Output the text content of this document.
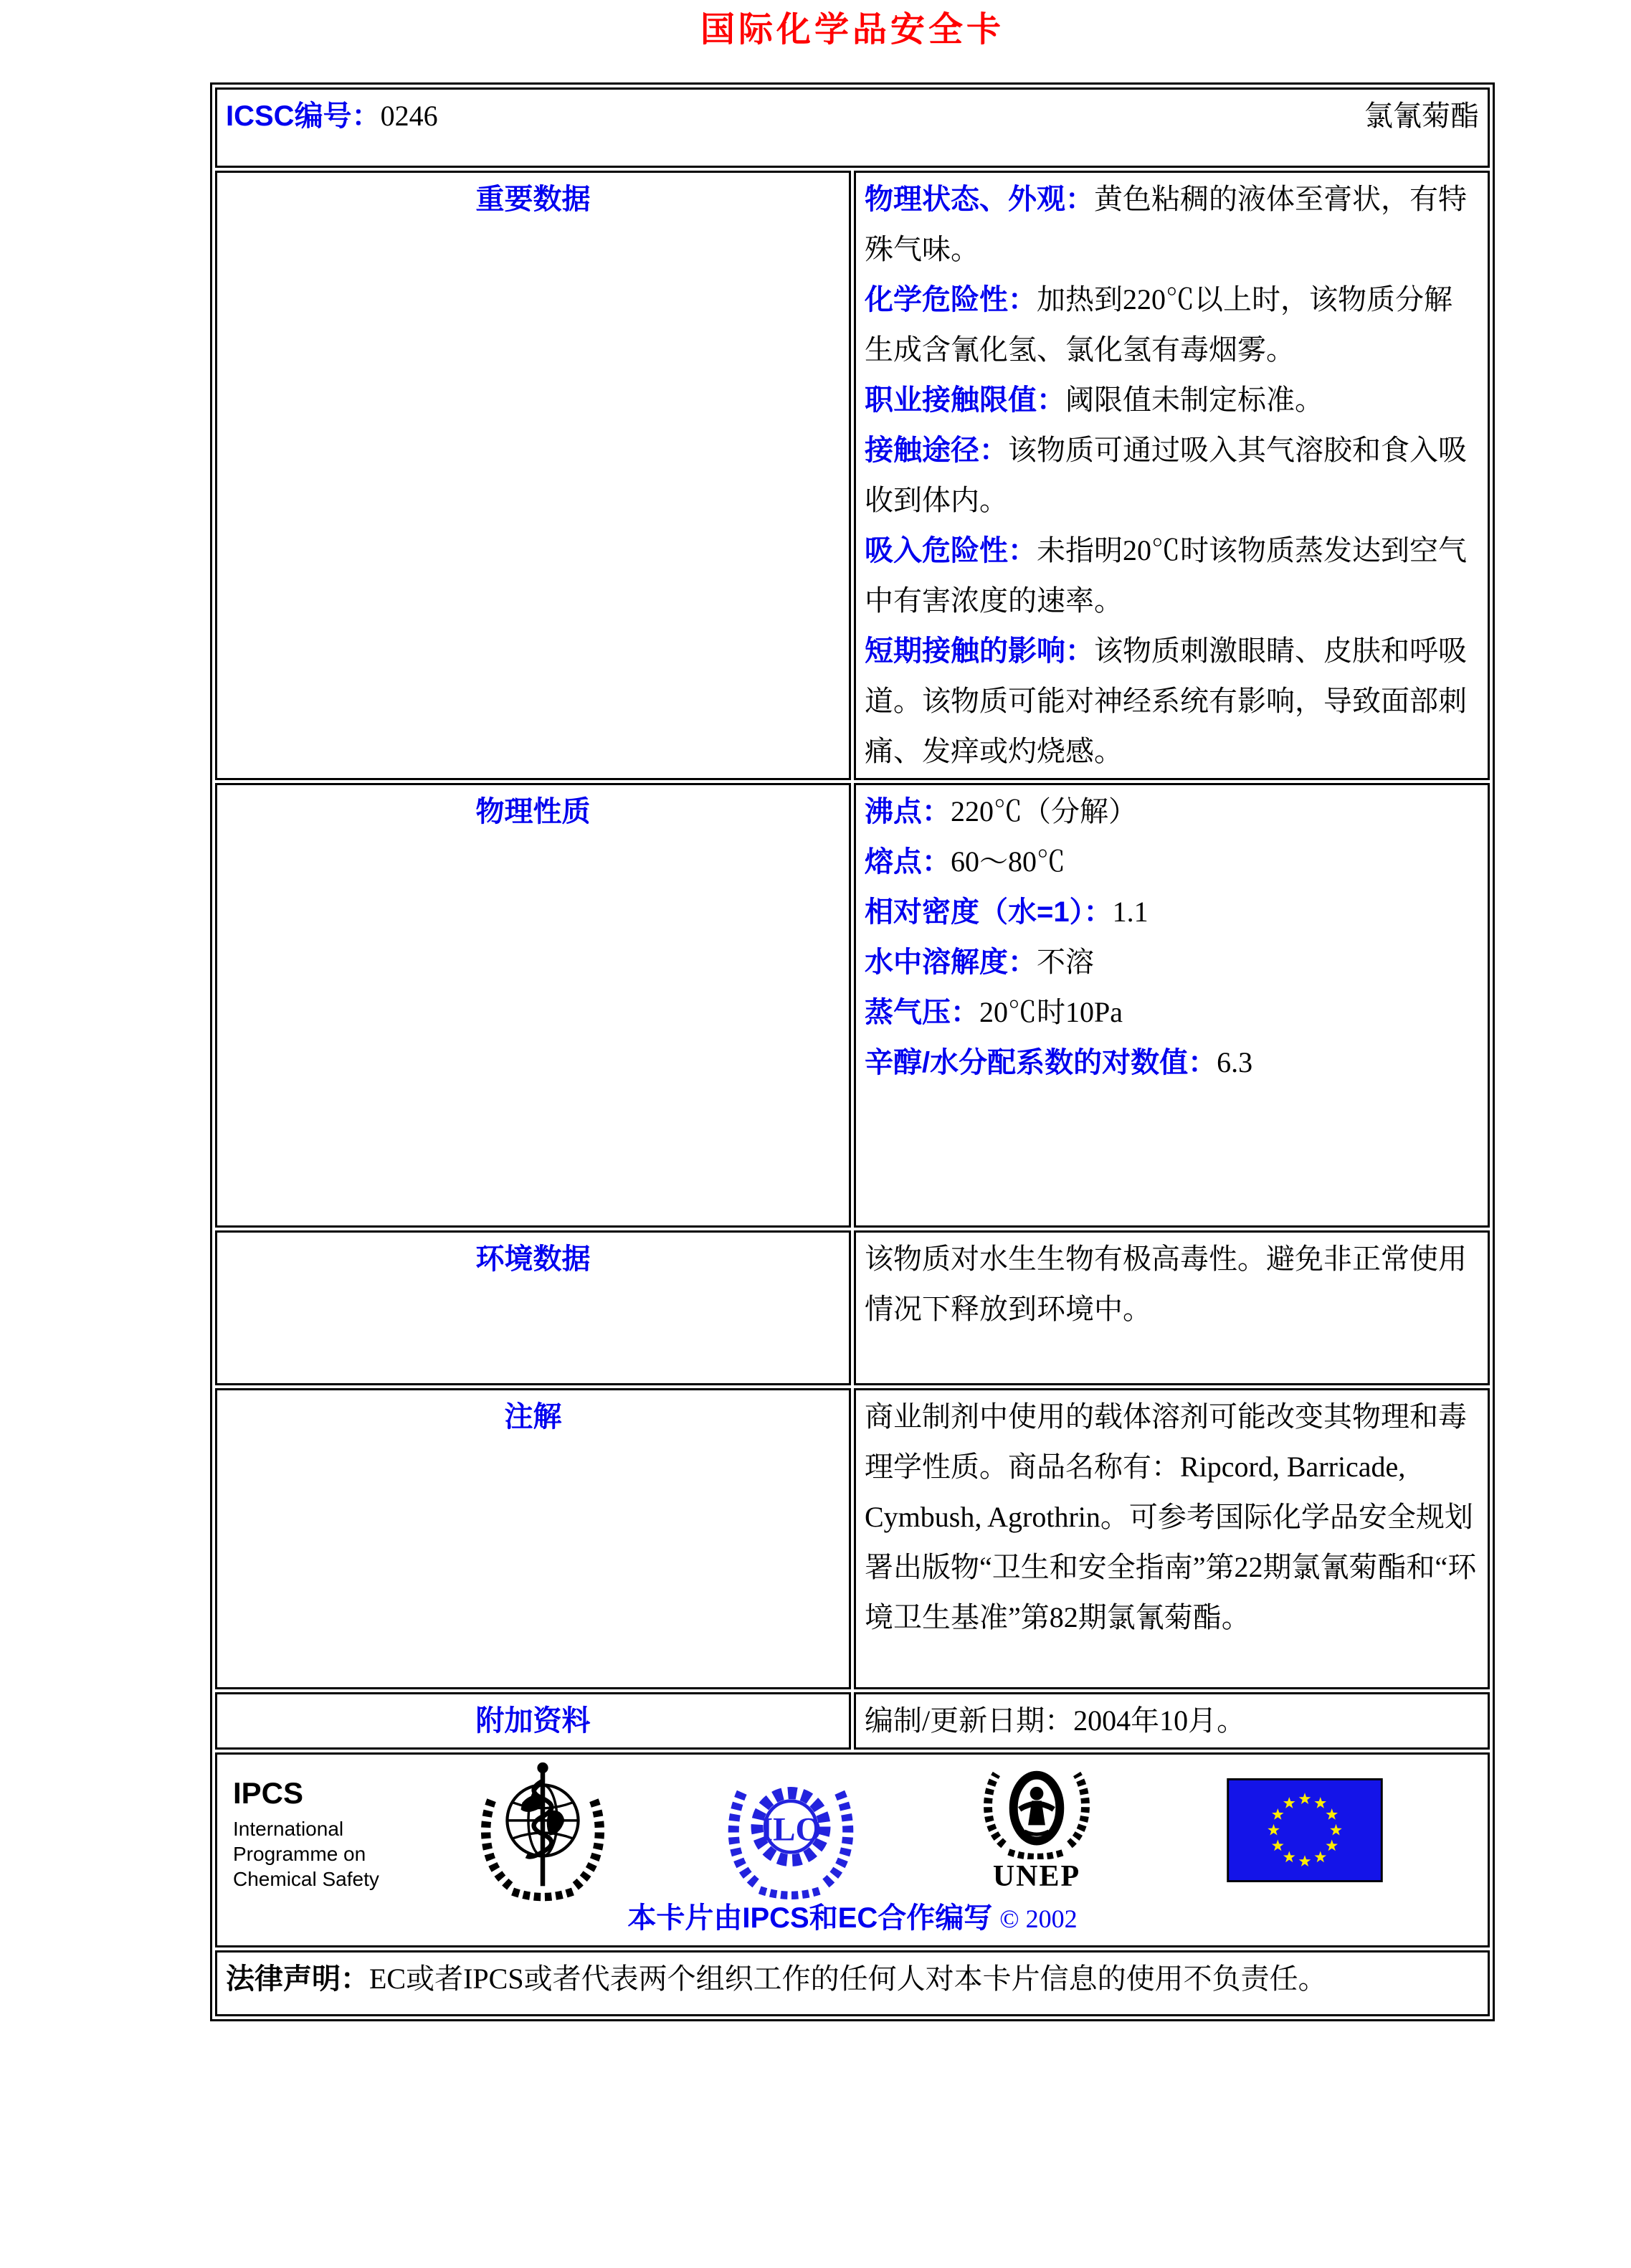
国际化学品安全卡
ICSC编号：0246 氯氰菊酯	

重要数据	物理状态、外观：黄色粘稠的液体至膏状，有特殊气味。
化学危险性：加热到220℃以上时，该物质分解生成含氰化氢、氯化氢有毒烟雾。
职业接触限值：阈限值未制定标准。
接触途径：该物质可通过吸入其气溶胶和食入吸收到体内。
吸入危险性：未指明20℃时该物质蒸发达到空气中有害浓度的速率。
短期接触的影响：该物质刺激眼睛、皮肤和呼吸道。该物质可能对神经系统有影响，导致面部刺痛、发痒或灼烧感。

物理性质	沸点：220℃（分解）
熔点：60～80℃
相对密度（水=1）：1.1
水中溶解度：不溶
蒸气压：20℃时10Pa
辛醇/水分配系数的对数值：6.3

环境数据	该物质对水生生物有极高毒性。避免非正常使用情况下释放到环境中。

注解	商业制剂中使用的载体溶剂可能改变其物理和毒理学性质。商品名称有：Ripcord, Barricade, Cymbush, Agrothrin。可参考国际化学品安全规划署出版物“卫生和安全指南”第22期氯氰菊酯和“环境卫生基准”第82期氯氰菊酯。

附加资料	编制/更新日期：2004年10月。

IPCS
International
Programme on
Chemical Safety
ILO
UNEP
本卡片由IPCS和EC合作编写 © 2002

法律声明：EC或者IPCS或者代表两个组织工作的任何人对本卡片信息的使用不负责任。	
